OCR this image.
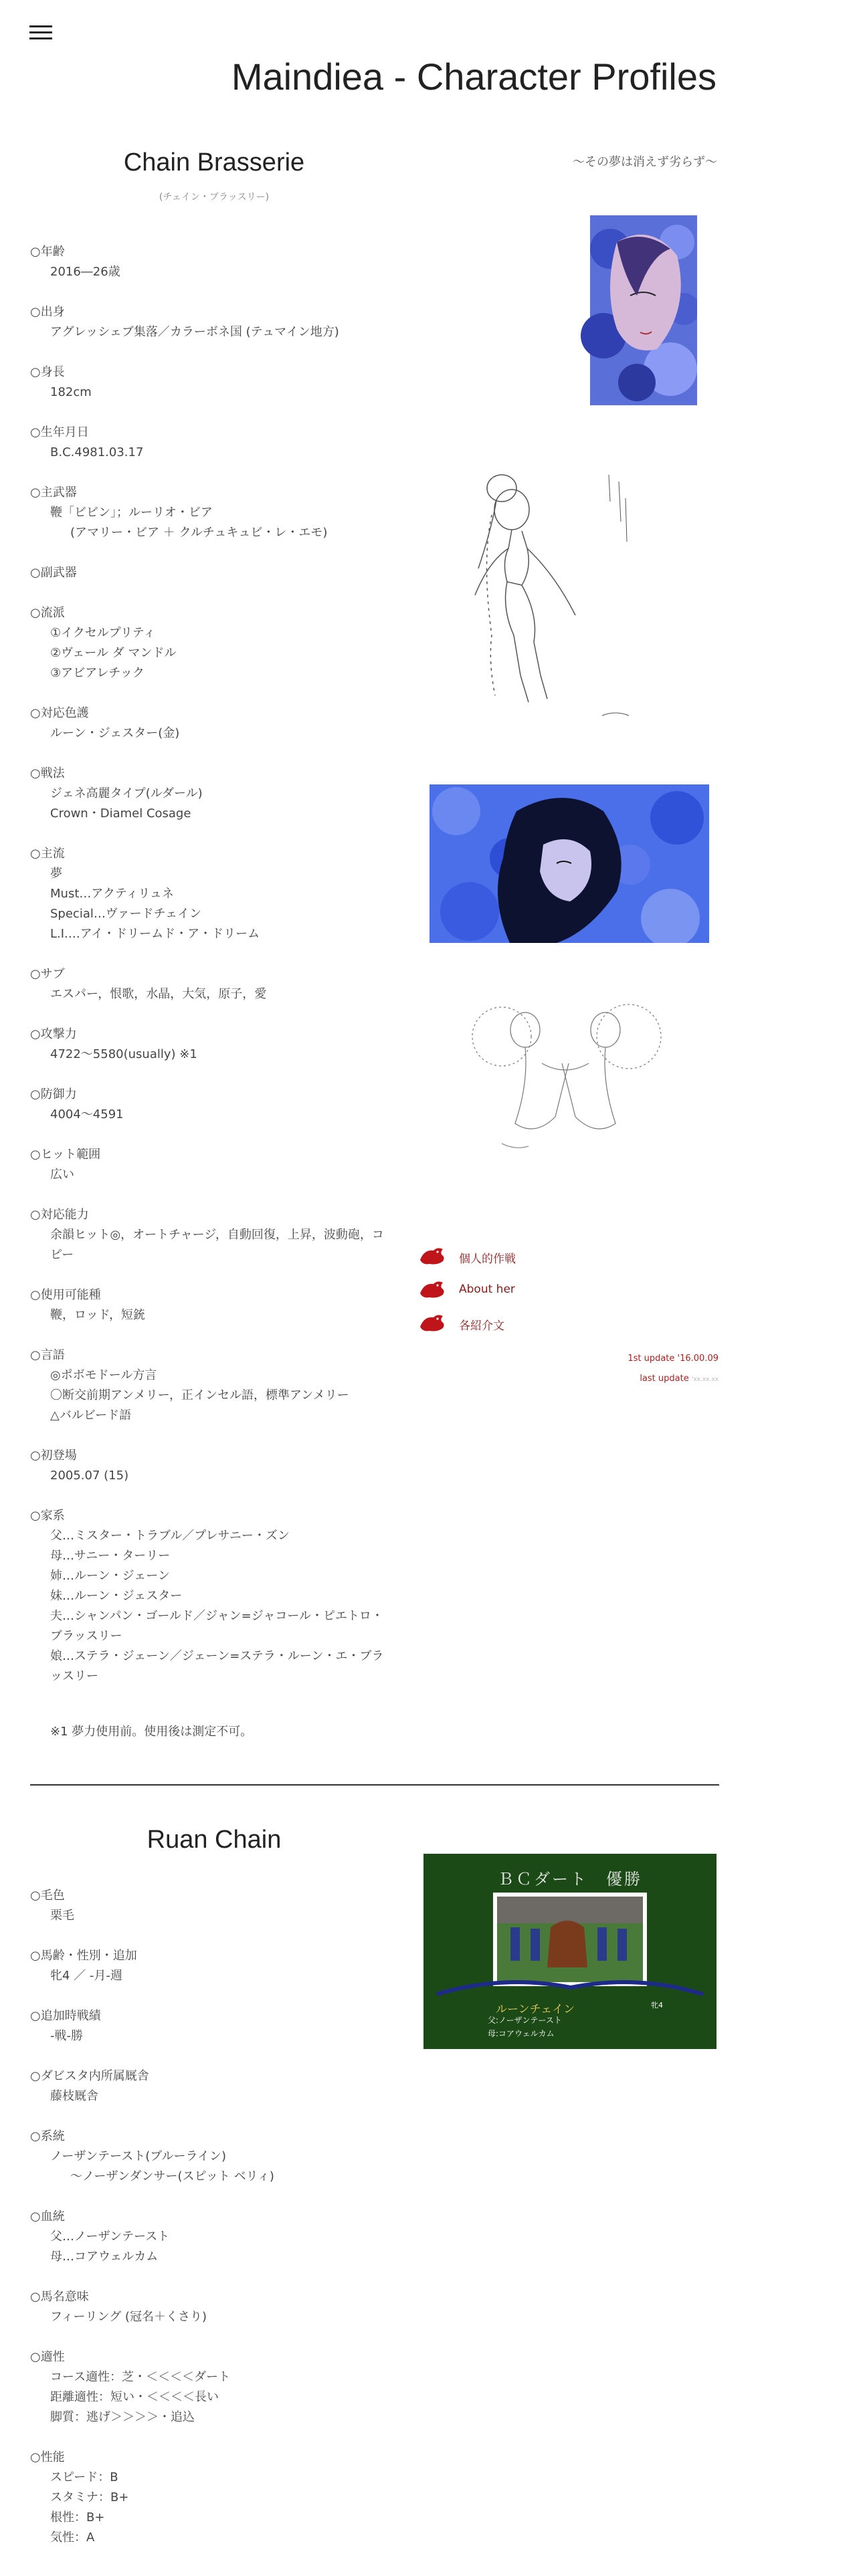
Maindiea - Character Profiles
Chain Brasserie
(チェイン・ブラッスリー)
～その夢は消えず劣らず～
○年齢
2016―26歳
○出身
アグレッシェブ集落／カラーボネ国 (テュマイン地方)
○身長
182cm
○生年月日
B.C.4981.03.17
○主武器
鞭「ビビン」；ルーリオ・ビア
(アマリー・ビア ＋ クルチュキュビ・レ・エモ)
○副武器
○流派
①イクセルプリティ
②ヴェール ダ マンドル
③アビアレチック
○対応色護
ルーン・ジェスター(金)
○戦法
ジェネ高麗タイプ(ルダール)
Crown・Diamel Cosage
○主流
夢
Must…アクティリュネ
Special…ヴァードチェイン
L.I.…アイ・ドリームド・ア・ドリーム
○サブ
エスパー，恨歌，水晶，大気，原子，愛
○攻撃力
4722～5580(usually) ※1
○防御力
4004～4591
○ヒット範囲
広い
○対応能力
余韻ヒット◎，オートチャージ，自動回復，上昇，波動砲，コピー
○使用可能種
鞭，ロッド，短銃
○言語
◎ポボモドール方言
〇断交前期アンメリー，正インセル語，標準アンメリー
△バルビード語
○初登場
2005.07 (15)
○家系
父…ミスター・トラブル／プレサニー・ズン
母…サニー・ターリー
姉…ルーン・ジェーン
妹…ルーン・ジェスター
夫…シャンパン・ゴールド／ジャン=ジャコール・ピエトロ・ブラッスリー
娘…ステラ・ジェーン／ジェーン=ステラ・ルーン・エ・ブラッスリー
※1 夢力使用前。使用後は測定不可。
個人的作戦
About her
各紹介文
1st update '16.00.09
last update 'xx.xx.xx
Ruan Chain
ＢＣダート　優勝
ルーンチェイン	牝4
父:ノーザンテースト
母:コアウェルカム
○毛色
栗毛
○馬齢・性別・追加
牝4 ／ -月-週
○追加時戦績
-戦-勝
○ダビスタ内所属厩舎
藤枝厩舎
○系統
ノーザンテースト(ブルーライン)
～ノーザンダンサー(スピット ベリィ)
○血統
父…ノーザンテースト
母…コアウェルカム
○馬名意味
フィーリング (冠名＋くさり)
○適性
コース適性：芝・＜＜＜＜ダート
距離適性：短い・＜＜＜＜長い
脚質：逃げ＞＞＞＞・追込
○性能
スピード：B
スタミナ：B+
根性：B+
気性：A
